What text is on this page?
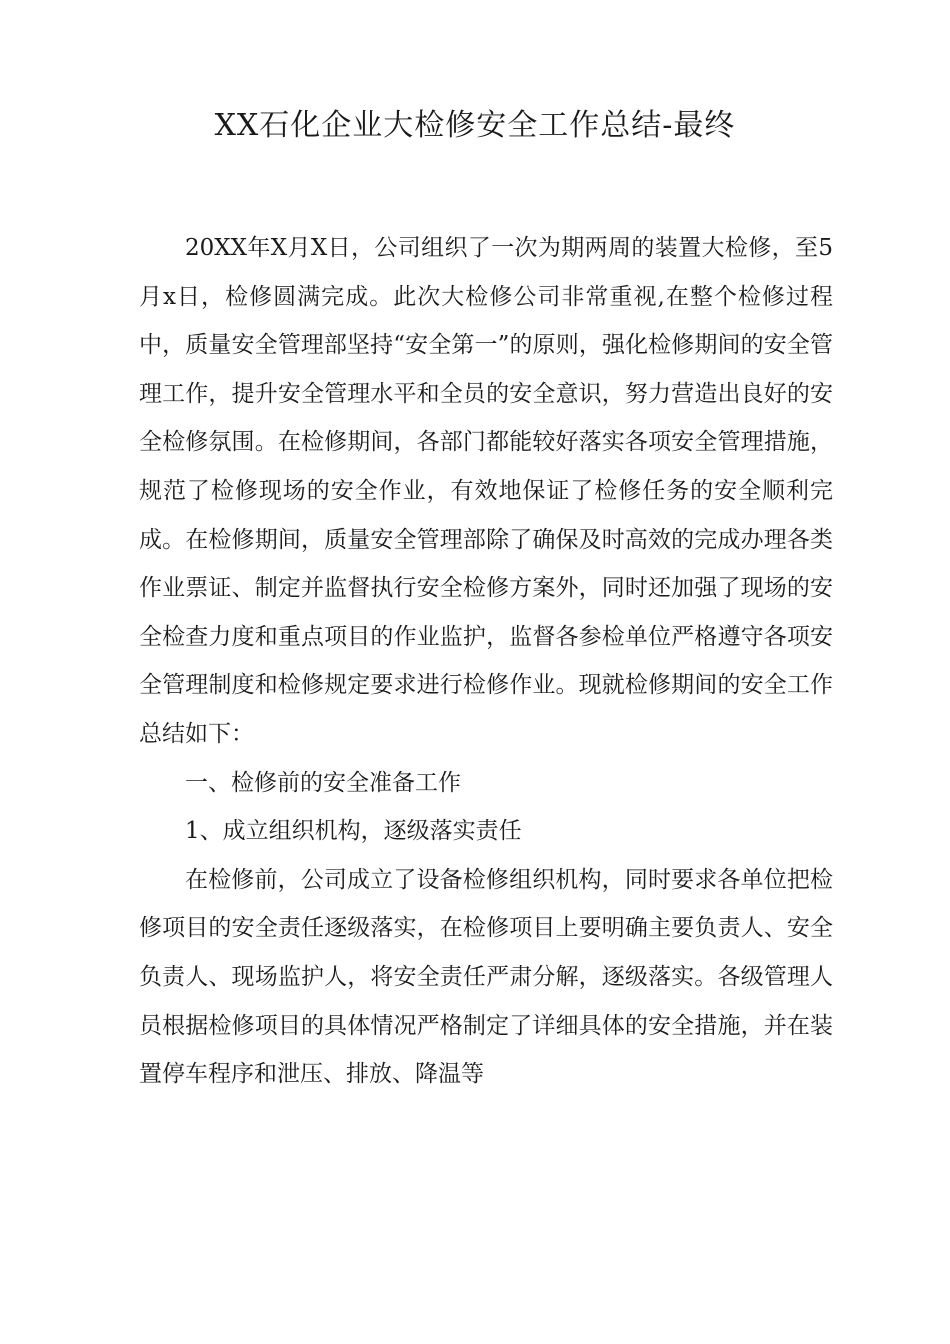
XX石化企业大检修安全工作总结-最终

20XX年X月X日，公司组织了一次为期两周的装置大检修，至5月x日，检修圆满完成。此次大检修公司非常重视,在整个检修过程中，质量安全管理部坚持“安全第一”的原则，强化检修期间的安全管理工作，提升安全管理水平和全员的安全意识，努力营造出良好的安全检修氛围。在检修期间，各部门都能较好落实各项安全管理措施，规范了检修现场的安全作业，有效地保证了检修任务的安全顺利完成。在检修期间，质量安全管理部除了确保及时高效的完成办理各类作业票证、制定并监督执行安全检修方案外，同时还加强了现场的安全检查力度和重点项目的作业监护，监督各参检单位严格遵守各项安全管理制度和检修规定要求进行检修作业。现就检修期间的安全工作总结如下：

一、检修前的安全准备工作

1、成立组织机构，逐级落实责任

在检修前，公司成立了设备检修组织机构，同时要求各单位把检修项目的安全责任逐级落实，在检修项目上要明确主要负责人、安全负责人、现场监护人，将安全责任严肃分解，逐级落实。各级管理人员根据检修项目的具体情况严格制定了详细具体的安全措施，并在装置停车程序和泄压、排放、降温等
